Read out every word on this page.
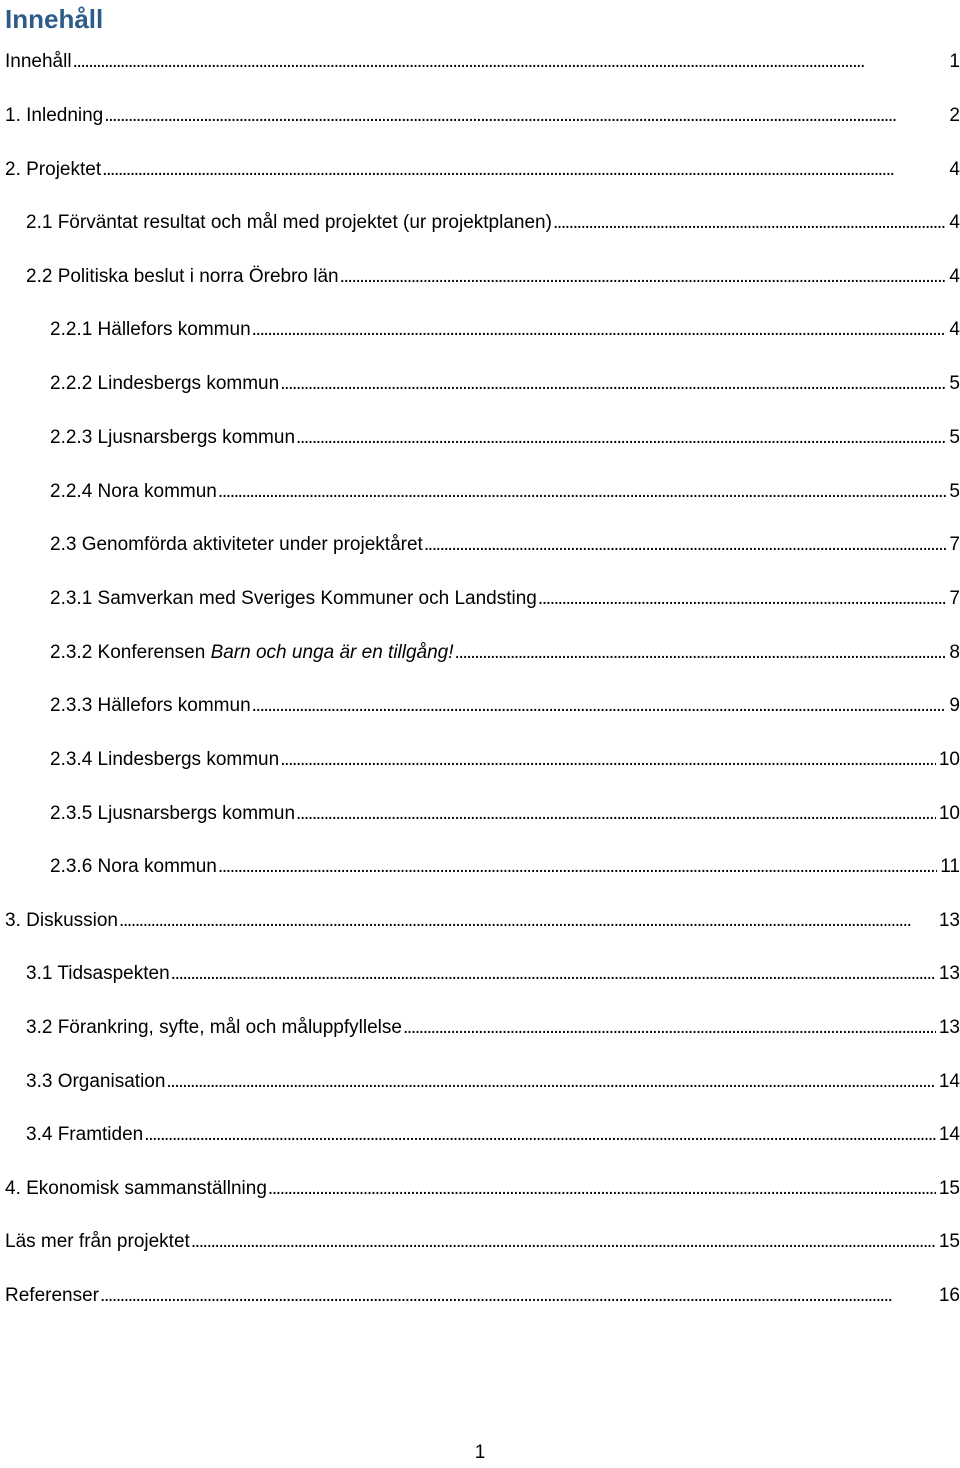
Innehåll
Innehåll . . .	1
1. Inledning . . .	2
2. Projektet . . .	4
2.1 Förväntat resultat och mål med projektet (ur projektplanen) . . .	4
2.2 Politiska beslut i norra Örebro län . . .	4
2.2.1 Hällefors kommun . . .	4
2.2.2 Lindesbergs kommun . . .	5
2.2.3 Ljusnarsbergs kommun . . .	5
2.2.4 Nora kommun . . .	5
2.3 Genomförda aktiviteter under projektåret . . .	7
2.3.1 Samverkan med Sveriges Kommuner och Landsting . . .	7
2.3.2 Konferensen Barn och unga är en tillgång! . . .	8
2.3.3 Hällefors kommun . . .	9
2.3.4 Lindesbergs kommun . . .	10
2.3.5 Ljusnarsbergs kommun . . .	10
2.3.6 Nora kommun . . .	11
3. Diskussion . . .	13
3.1 Tidsaspekten . . .	13
3.2 Förankring, syfte, mål och måluppfyllelse . . .	13
3.3 Organisation . . .	14
3.4 Framtiden . . .	14
4. Ekonomisk sammanställning . . .	15
Läs mer från projektet . . .	15
Referenser . . .	16

1
